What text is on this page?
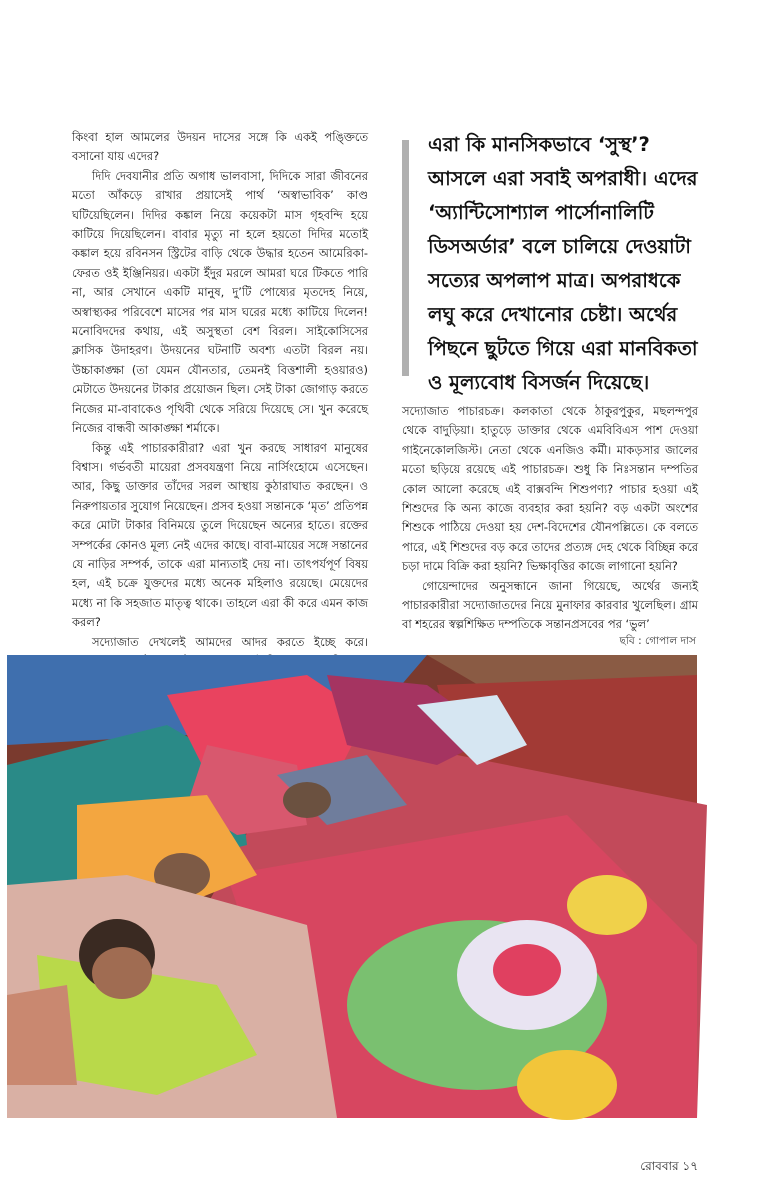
কিংবা হাল আমলের উদয়ন দাসের সঙ্গে কি একই পঙ্ক্তিতে বসানো যায় এদের?

দিদি দেবযানীর প্রতি অগাধ ভালবাসা, দিদিকে সারা জীবনের মতো আঁকড়ে রাখার প্রয়াসেই পার্থ ‘অস্বাভাবিক’ কাণ্ড ঘটিয়েছিলেন। দিদির কঙ্কাল নিয়ে কয়েকটা মাস গৃহবন্দি হয়ে কাটিয়ে দিয়েছিলেন। বাবার মৃত্যু না হলে হয়তো দিদির মতোই কঙ্কাল হয়ে রবিনসন স্ট্রিটের বাড়ি থেকে উদ্ধার হতেন আমেরিকা-ফেরত ওই ইঞ্জিনিয়র। একটা ইঁদুর মরলে আমরা ঘরে টিকতে পারি না, আর সেখানে একটি মানুষ, দু’টি পোষ্যের মৃতদেহ নিয়ে, অস্বাস্থ্যকর পরিবেশে মাসের পর মাস ঘরের মধ্যে কাটিয়ে দিলেন! মনোবিদদের কথায়, এই অসুস্থতা বেশ বিরল। সাইকোসিসের ক্লাসিক উদাহরণ। উদয়নের ঘটনাটি অবশ্য এতটা বিরল নয়। উচ্চাকাঙ্ক্ষা (তা যেমন যৌনতার, তেমনই বিত্তশালী হওয়ারও) মেটাতে উদয়নের টাকার প্রয়োজন ছিল। সেই টাকা জোগাড় করতে নিজের মা-বাবাকেও পৃথিবী থেকে সরিয়ে দিয়েছে সে। খুন করেছে নিজের বান্ধবী আকাঙ্ক্ষা শর্মাকে।

কিন্তু এই পাচারকারীরা? এরা খুন করছে সাধারণ মানুষের বিশ্বাস। গর্ভবতী মায়েরা প্রসবযন্ত্রণা নিয়ে নার্সিংহোমে এসেছেন। আর, কিছু ডাক্তার তাঁদের সরল আস্থায় কুঠারাঘাত করছেন। ও নিরুপায়তার সুযোগ নিয়েছেন। প্রসব হওয়া সন্তানকে ‘মৃত’ প্রতিপন্ন করে মোটা টাকার বিনিময়ে তুলে দিয়েছেন অন্যের হাতে। রক্তের সম্পর্কের কোনও মূল্য নেই এদের কাছে। বাবা-মায়ের সঙ্গে সন্তানের যে নাড়ির সম্পর্ক, তাকে এরা মান্যতাই দেয় না। তাৎপর্যপূর্ণ বিষয় হল, এই চক্রে যুক্তদের মধ্যে অনেক মহিলাও রয়েছে। মেয়েদের মধ্যে না কি সহজাত মাতৃত্ব থাকে। তাহলে এরা কী করে এমন কাজ করল?

সদ্যোজাত দেখলেই আমদের আদর করতে ইচ্ছে করে।

এরা কি মানসিকভাবে ‘সুস্থ’? আসলে এরা সবাই অপরাধী। এদের ‘অ্যান্টিসোশ্যাল পার্সোনালিটি ডিসঅর্ডার’ বলে চালিয়ে দেওয়াটা সত্যের অপলাপ মাত্র। অপরাধকে লঘু করে দেখানোর চেষ্টা। অর্থের পিছনে ছুটতে গিয়ে এরা মানবিকতা ও মূল্যবোধ বিসর্জন দিয়েছে।

সদ্যোজাত পাচারচক্র। কলকাতা থেকে ঠাকুরপুকুর, মছলন্দপুর থেকে বাদুড়িয়া। হাতুড়ে ডাক্তার থেকে এমবিবিএস পাশ দেওয়া গাইনেকোলজিস্ট। নেতা থেকে এনজিও কর্মী। মাকড়সার জালের মতো ছড়িয়ে রয়েছে এই পাচারচক্র। শুধু কি নিঃসন্তান দম্পতির কোল আলো করেছে এই বাক্সবন্দি শিশুপণ্য? পাচার হওয়া এই শিশুদের কি অন্য কাজে ব্যবহার করা হয়নি? বড় একটা অংশের শিশুকে পাঠিয়ে দেওয়া হয় দেশ-বিদেশের যৌনপল্লিতে। কে বলতে পারে, এই শিশুদের বড় করে তাদের প্রত্যঙ্গ দেহ থেকে বিচ্ছিন্ন করে চড়া দামে বিক্রি করা হয়নি? ভিক্ষাবৃত্তির কাজে লাগানো হয়নি?

গোয়েন্দাদের অনুসন্ধানে জানা গিয়েছে, অর্থের জন্যই পাচারকারীরা সদ্যোজাতদের নিয়ে মুনাফার কারবার খুলেছিল। গ্রাম বা শহরের স্বল্পশিক্ষিত দম্পতিকে সন্তানপ্রসবের পর ‘ভুল’

ছবি : গোপাল দাস
রোববার ১৭
